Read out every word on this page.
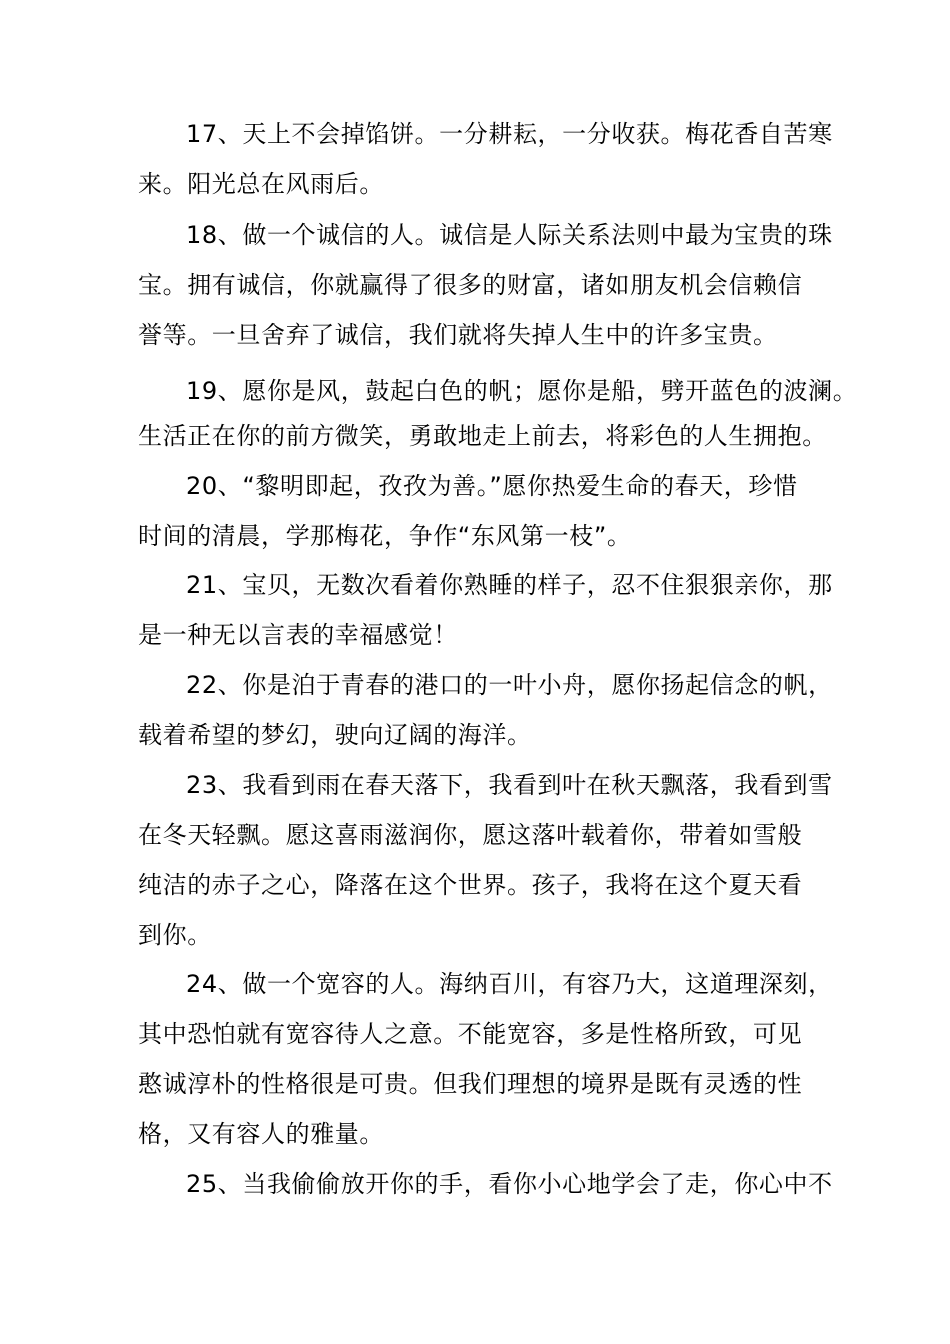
17、天上不会掉馅饼。一分耕耘，一分收获。梅花香自苦寒
来。阳光总在风雨后。
18、做一个诚信的人。诚信是人际关系法则中最为宝贵的珠
宝。拥有诚信，你就赢得了很多的财富，诸如朋友机会信赖信
誉等。一旦舍弃了诚信，我们就将失掉人生中的许多宝贵。
19、愿你是风，鼓起白色的帆；愿你是船，劈开蓝色的波澜。
生活正在你的前方微笑，勇敢地走上前去，将彩色的人生拥抱。
20、“黎明即起，孜孜为善。”愿你热爱生命的春天，珍惜
时间的清晨，学那梅花，争作“东风第一枝”。
21、宝贝，无数次看着你熟睡的样子，忍不住狠狠亲你，那
是一种无以言表的幸福感觉！
22、你是泊于青春的港口的一叶小舟，愿你扬起信念的帆，
载着希望的梦幻，驶向辽阔的海洋。
23、我看到雨在春天落下，我看到叶在秋天飘落，我看到雪
在冬天轻飘。愿这喜雨滋润你，愿这落叶载着你，带着如雪般
纯洁的赤子之心，降落在这个世界。孩子，我将在这个夏天看
到你。
24、做一个宽容的人。海纳百川，有容乃大，这道理深刻，
其中恐怕就有宽容待人之意。不能宽容，多是性格所致，可见
憨诚淳朴的性格很是可贵。但我们理想的境界是既有灵透的性
格，又有容人的雅量。
25、当我偷偷放开你的手，看你小心地学会了走，你心中不
